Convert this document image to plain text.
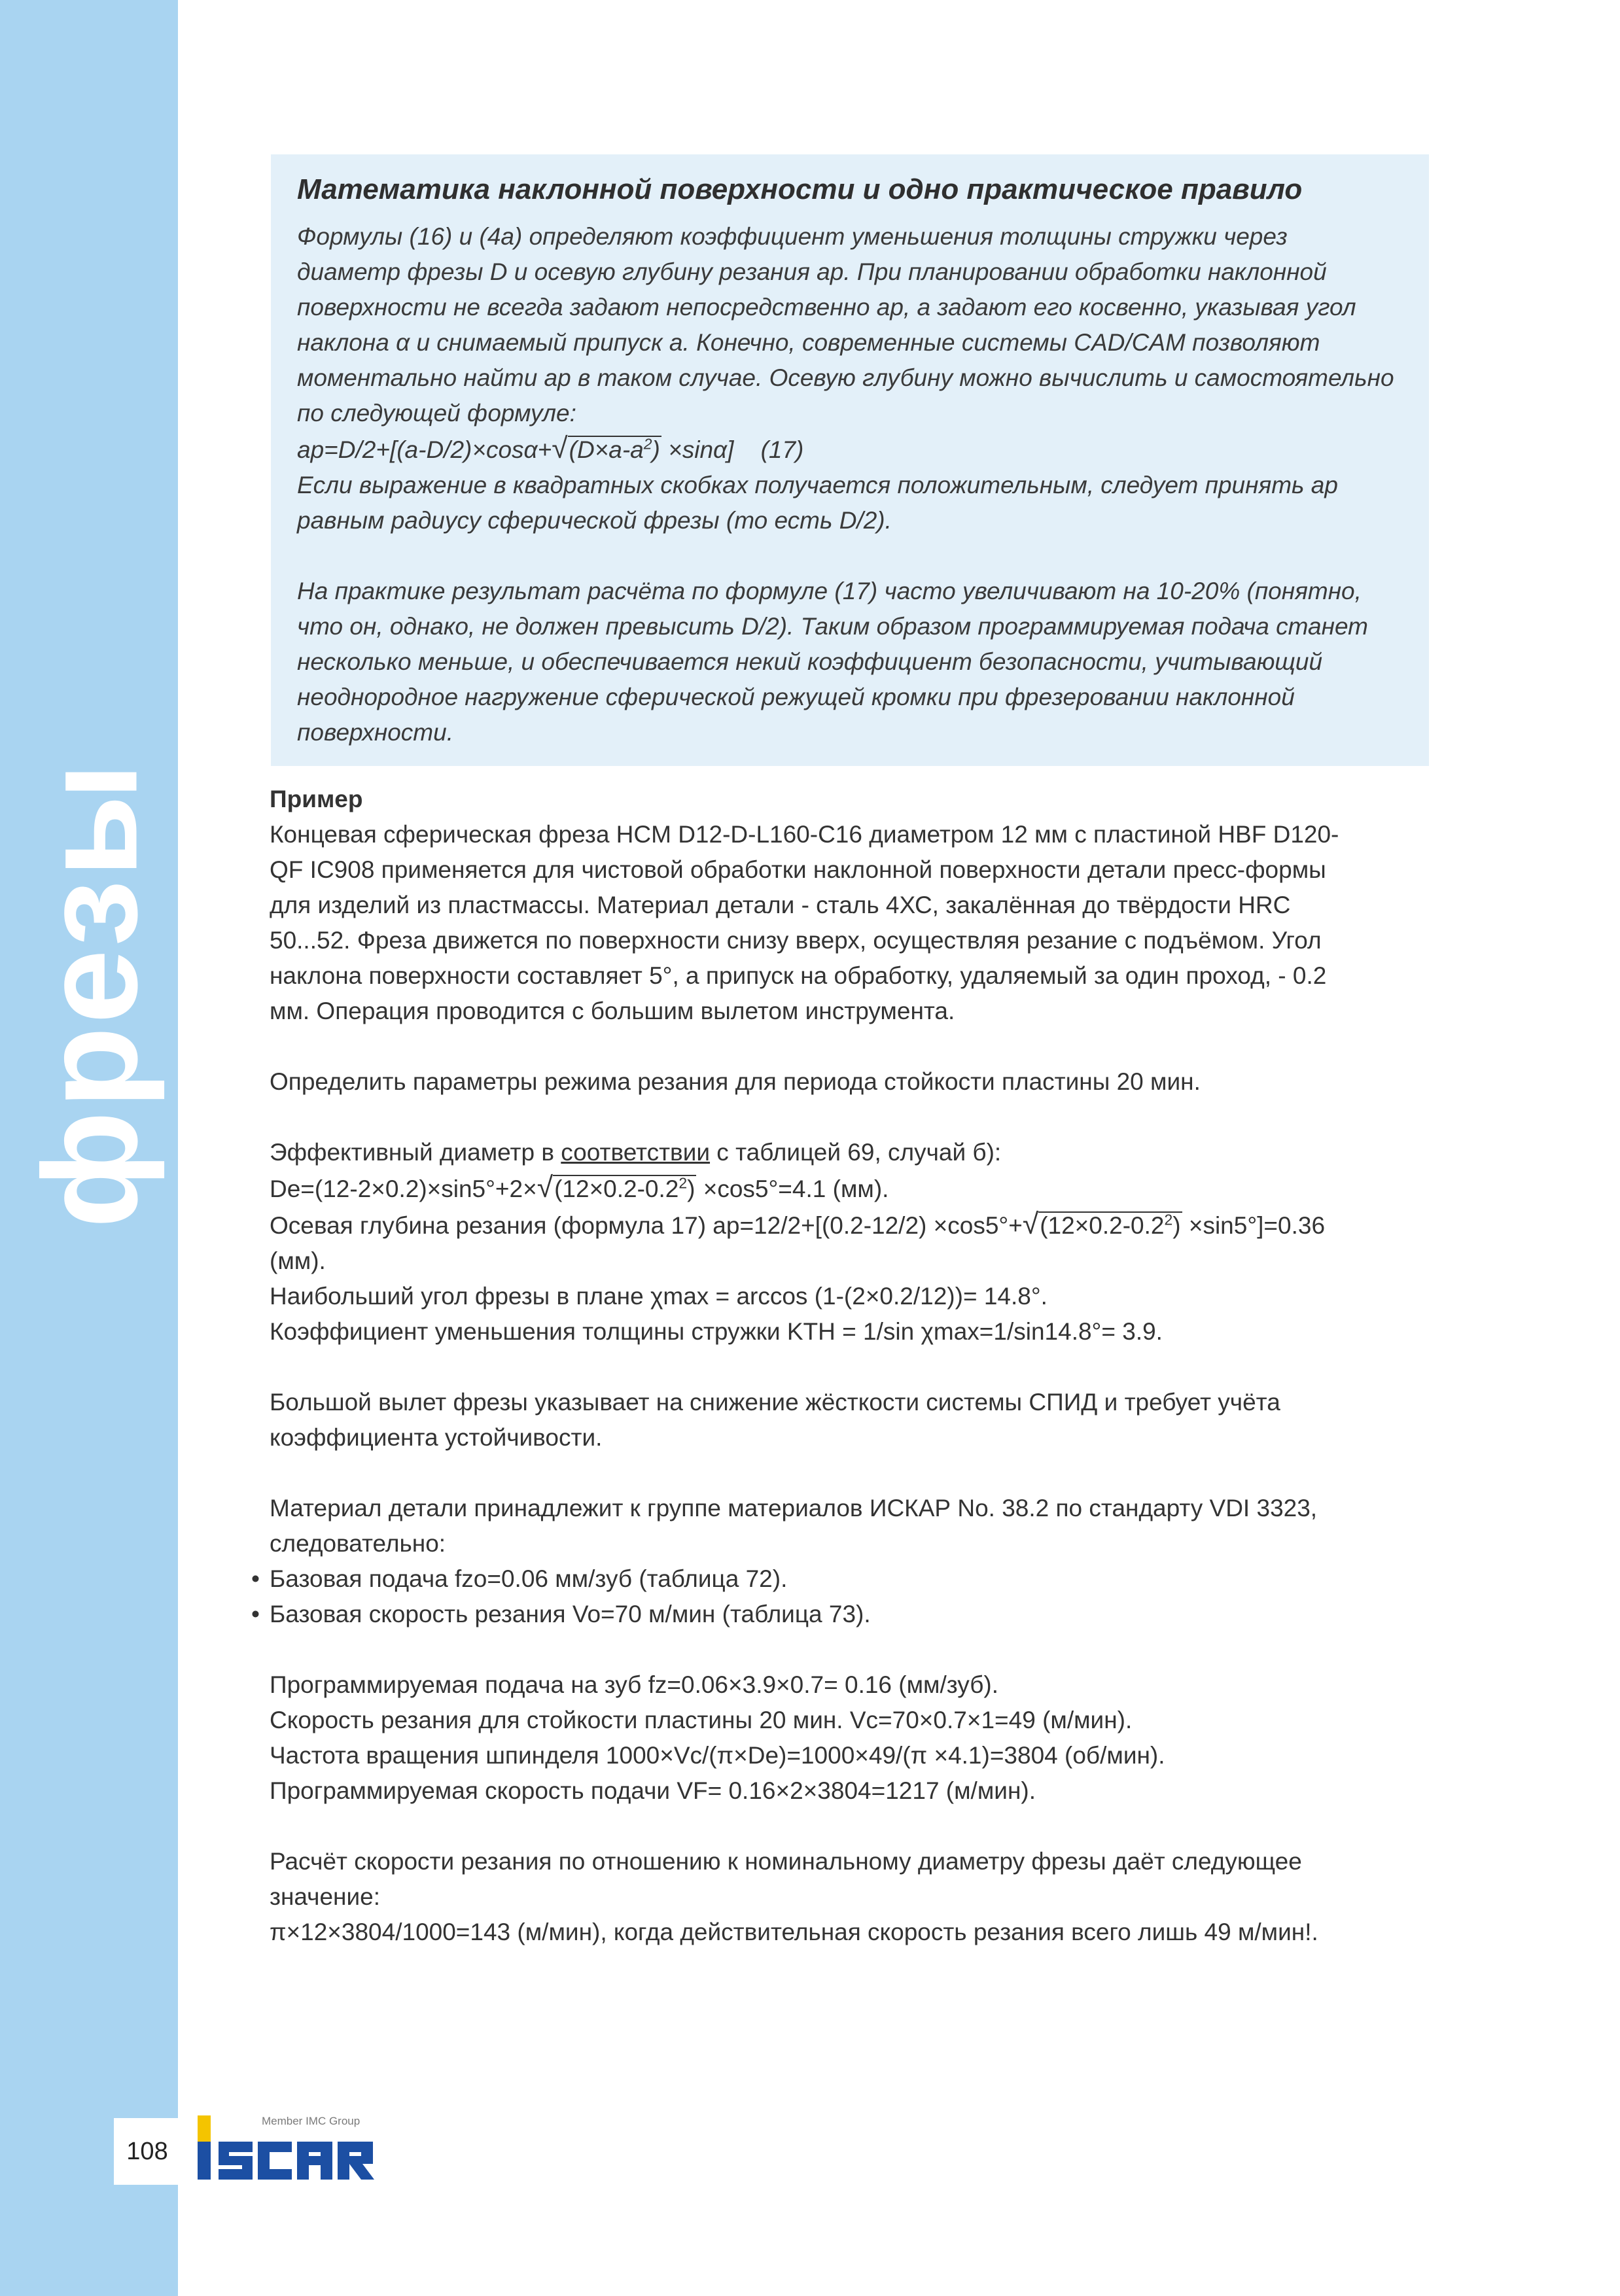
фрезы
Математика наклонной поверхности и одно практическое правило

Формулы (16) и (4а) определяют коэффициент уменьшения толщины стружки через

диаметр фрезы D и осевую глубину резания ap. При планировании обработки наклонной

поверхности не всегда задают непосредственно ap, а задают его косвенно, указывая угол

наклона α и снимаемый припуск a. Конечно, современные системы CAD/CAM позволяют

моментально найти ap в таком случае. Осевую глубину можно вычислить и самостоятельно

по следующей формуле:

$ap=D/2+[(a-D/2)\times\cos\alpha+√(D\times a-a^2) \times\sin\alpha]$ (17)

Если выражение в квадратных скобках получается положительным, следует принять ap

равным радиусу сферической фрезы (то есть D/2).

На практике результат расчёта по формуле (17) часто увеличивают на 10-20% (понятно,

что он, однако, не должен превысить D/2). Таким образом программируемая подача станет

несколько меньше, и обеспечивается некий коэффициент безопасности, учитывающий

неоднородное нагружение сферической режущей кромки при фрезеровании наклонной

поверхности.

Пример

Концевая сферическая фреза HCM D12-D-L160-C16 диаметром 12 мм с пластиной HBF D120-

QF IC908 применяется для чистовой обработки наклонной поверхности детали пресс-формы

для изделий из пластмассы. Материал детали - сталь 4ХС, закалённая до твёрдости HRC

50...52. Фреза движется по поверхности снизу вверх, осуществляя резание с подъёмом. Угол

наклона поверхности составляет 5°, а припуск на обработку, удаляемый за один проход, - 0.2

мм. Операция проводится с большим вылетом инструмента.

Определить параметры режима резания для периода стойкости пластины 20 мин.

Эффективный диаметр в соответствии с таблицей 69, случай б):

$De=(12-2\times 0.2)\times\sin 5^\circ+2\times√(12\times 0.2-0.2^2) \times\cos 5^\circ=4.1$ (мм).

Осевая глубина резания (формула 17) $ap=12/2+[(0.2-12/2) \times\cos 5^\circ+√(12\times 0.2-0.2^2) \times\sin 5^\circ]=0.36$

(мм).

Наибольший угол фрезы в плане χmax = arccos (1-(2×0.2/12))= 14.8°.

Коэффициент уменьшения толщины стружки KTH = 1/sin χmax=1/sin14.8°= 3.9.

Большой вылет фрезы указывает на снижение жёсткости системы СПИД и требует учёта

коэффициента устойчивости.

Материал детали принадлежит к группе материалов ИСКАР No. 38.2 по стандарту VDI 3323,

следовательно:

• Базовая подача fzo=0.06 мм/зуб (таблица 72).

• Базовая скорость резания Vo=70 м/мин (таблица 73).

Программируемая подача на зуб fz=0.06×3.9×0.7= 0.16 (мм/зуб).

Скорость резания для стойкости пластины 20 мин. Vc=70×0.7×1=49 (м/мин).

Частота вращения шпинделя 1000×Vc/(π×De)=1000×49/(π ×4.1)=3804 (об/мин).

Программируемая скорость подачи VF= 0.16×2×3804=1217 (м/мин).

Расчёт скорости резания по отношению к номинальному диаметру фрезы даёт следующее

значение:

π×12×3804/1000=143 (м/мин), когда действительная скорость резания всего лишь 49 м/мин!.

108
Member IMC Group
ISCAR
